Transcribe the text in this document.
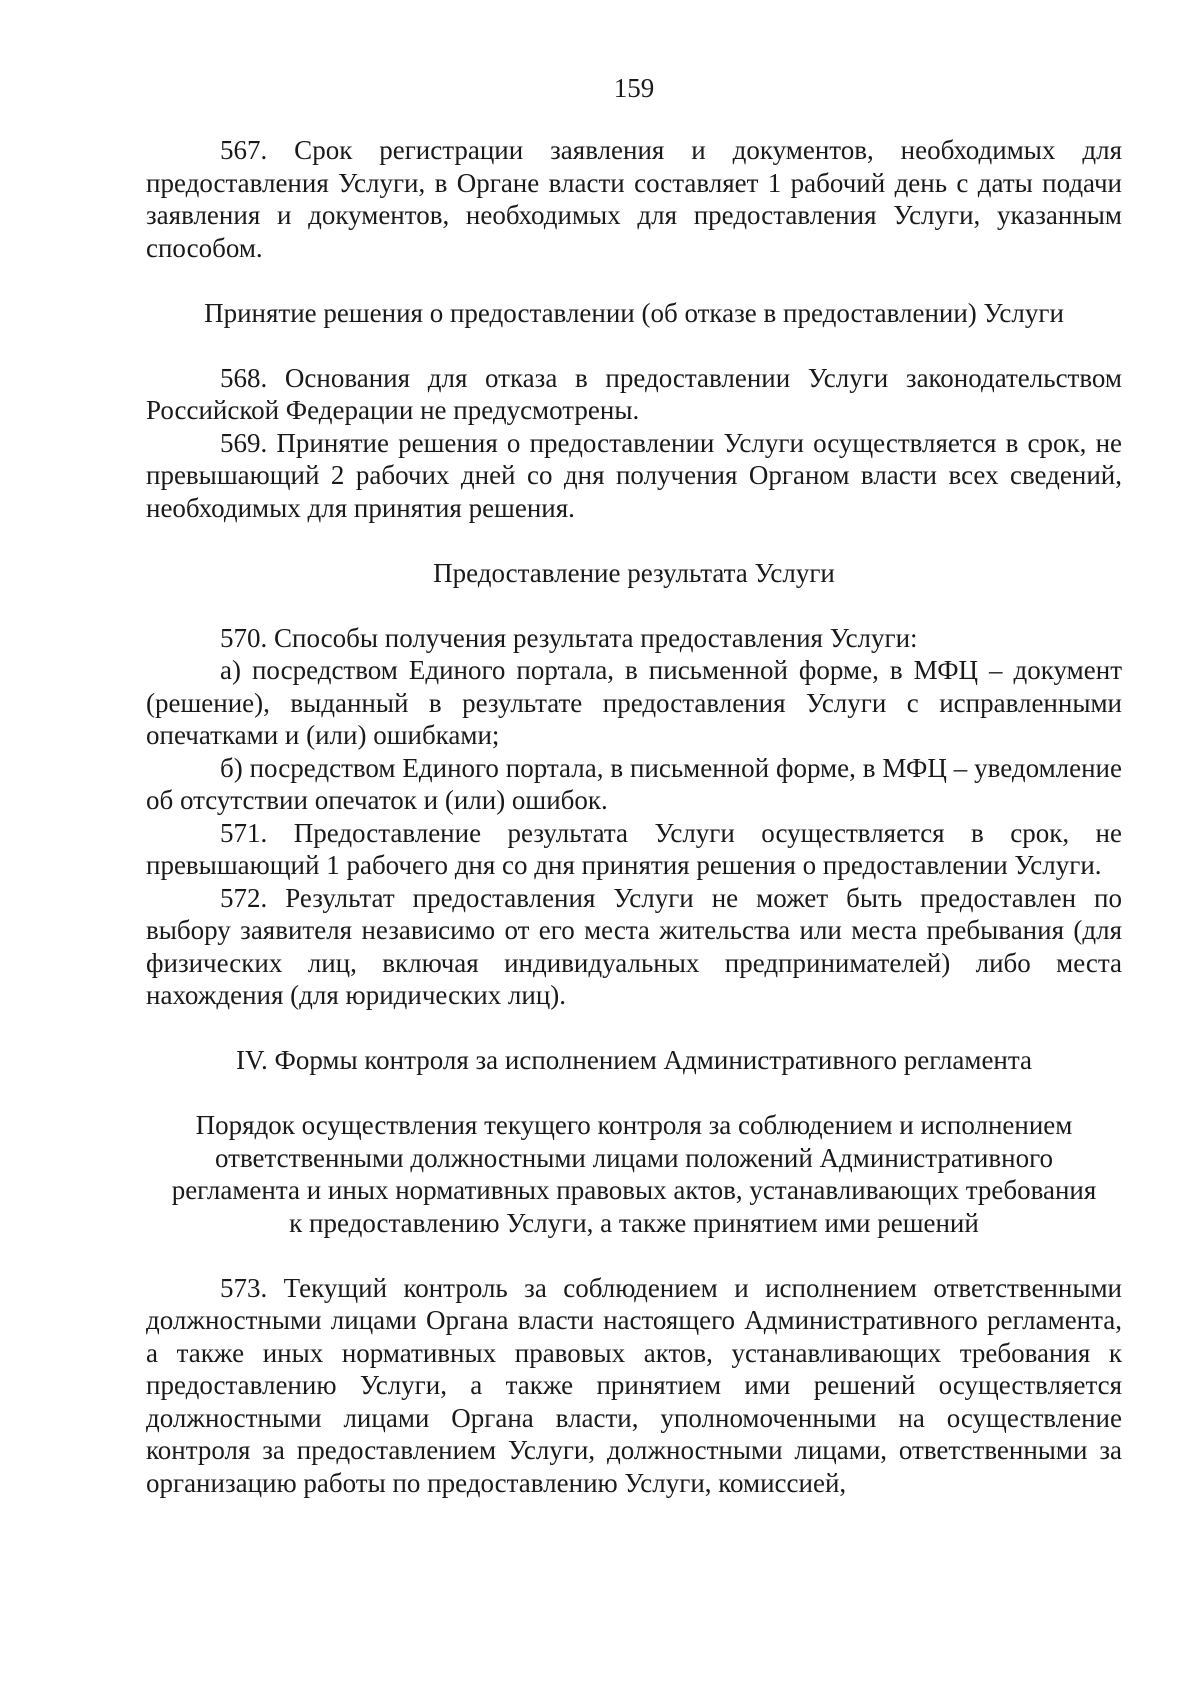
159

567. Срок регистрации заявления и документов, необходимых для предоставления Услуги, в Органе власти составляет 1 рабочий день с даты подачи заявления и документов, необходимых для предоставления Услуги, указанным способом.

Принятие решения о предоставлении (об отказе в предоставлении) Услуги

568. Основания для отказа в предоставлении Услуги законодательством Российской Федерации не предусмотрены.

569. Принятие решения о предоставлении Услуги осуществляется в срок, не превышающий 2 рабочих дней со дня получения Органом власти всех сведений, необходимых для принятия решения.

Предоставление результата Услуги

570. Способы получения результата предоставления Услуги:

а) посредством Единого портала, в письменной форме, в МФЦ – документ (решение), выданный в результате предоставления Услуги с исправленными опечатками и (или) ошибками;

б) посредством Единого портала, в письменной форме, в МФЦ – уведомление об отсутствии опечаток и (или) ошибок.

571. Предоставление результата Услуги осуществляется в срок, не превышающий 1 рабочего дня со дня принятия решения о предоставлении Услуги.

572. Результат предоставления Услуги не может быть предоставлен по выбору заявителя независимо от его места жительства или места пребывания (для физических лиц, включая индивидуальных предпринимателей) либо места нахождения (для юридических лиц).

IV. Формы контроля за исполнением Административного регламента

Порядок осуществления текущего контроля за соблюдением и исполнением

ответственными должностными лицами положений Административного

регламента и иных нормативных правовых актов, устанавливающих требования

к предоставлению Услуги, а также принятием ими решений

573. Текущий контроль за соблюдением и исполнением ответственными должностными лицами Органа власти настоящего Административного регламента, а также иных нормативных правовых актов, устанавливающих требования к предоставлению Услуги, а также принятием ими решений осуществляется должностными лицами Органа власти, уполномоченными на осуществление контроля за предоставлением Услуги, должностными лицами, ответственными за организацию работы по предоставлению Услуги, комиссией,
